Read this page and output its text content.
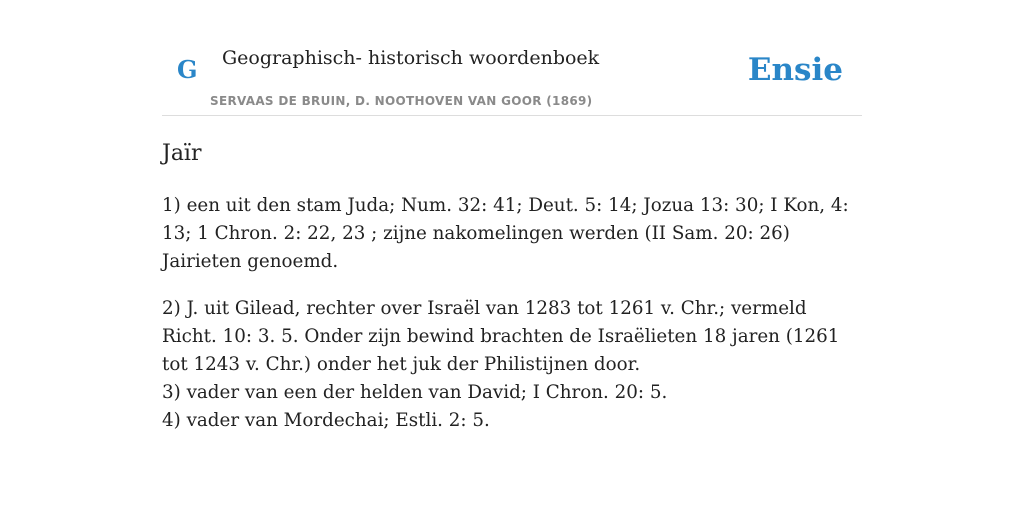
G Geographisch- historisch woordenboek
SERVAAS DE BRUIN, D. NOOTHOVEN VAN GOOR (1869)
Ensie
Jaïr

1) een uit den stam Juda; Num. 32: 41; Deut. 5: 14; Jozua 13: 30; I Kon, 4: 13; 1 Chron. 2: 22, 23 ; zijne nakomelingen werden (II Sam. 20: 26) Jairieten genoemd.

2) J. uit Gilead, rechter over Israël van 1283 tot 1261 v. Chr.; vermeld Richt. 10: 3. 5. Onder zijn bewind brachten de Israëlieten 18 jaren (1261 tot 1243 v. Chr.) onder het juk der Philistijnen door.
3) vader van een der helden van David; I Chron. 20: 5.
4) vader van Mordechai; Estli. 2: 5.
